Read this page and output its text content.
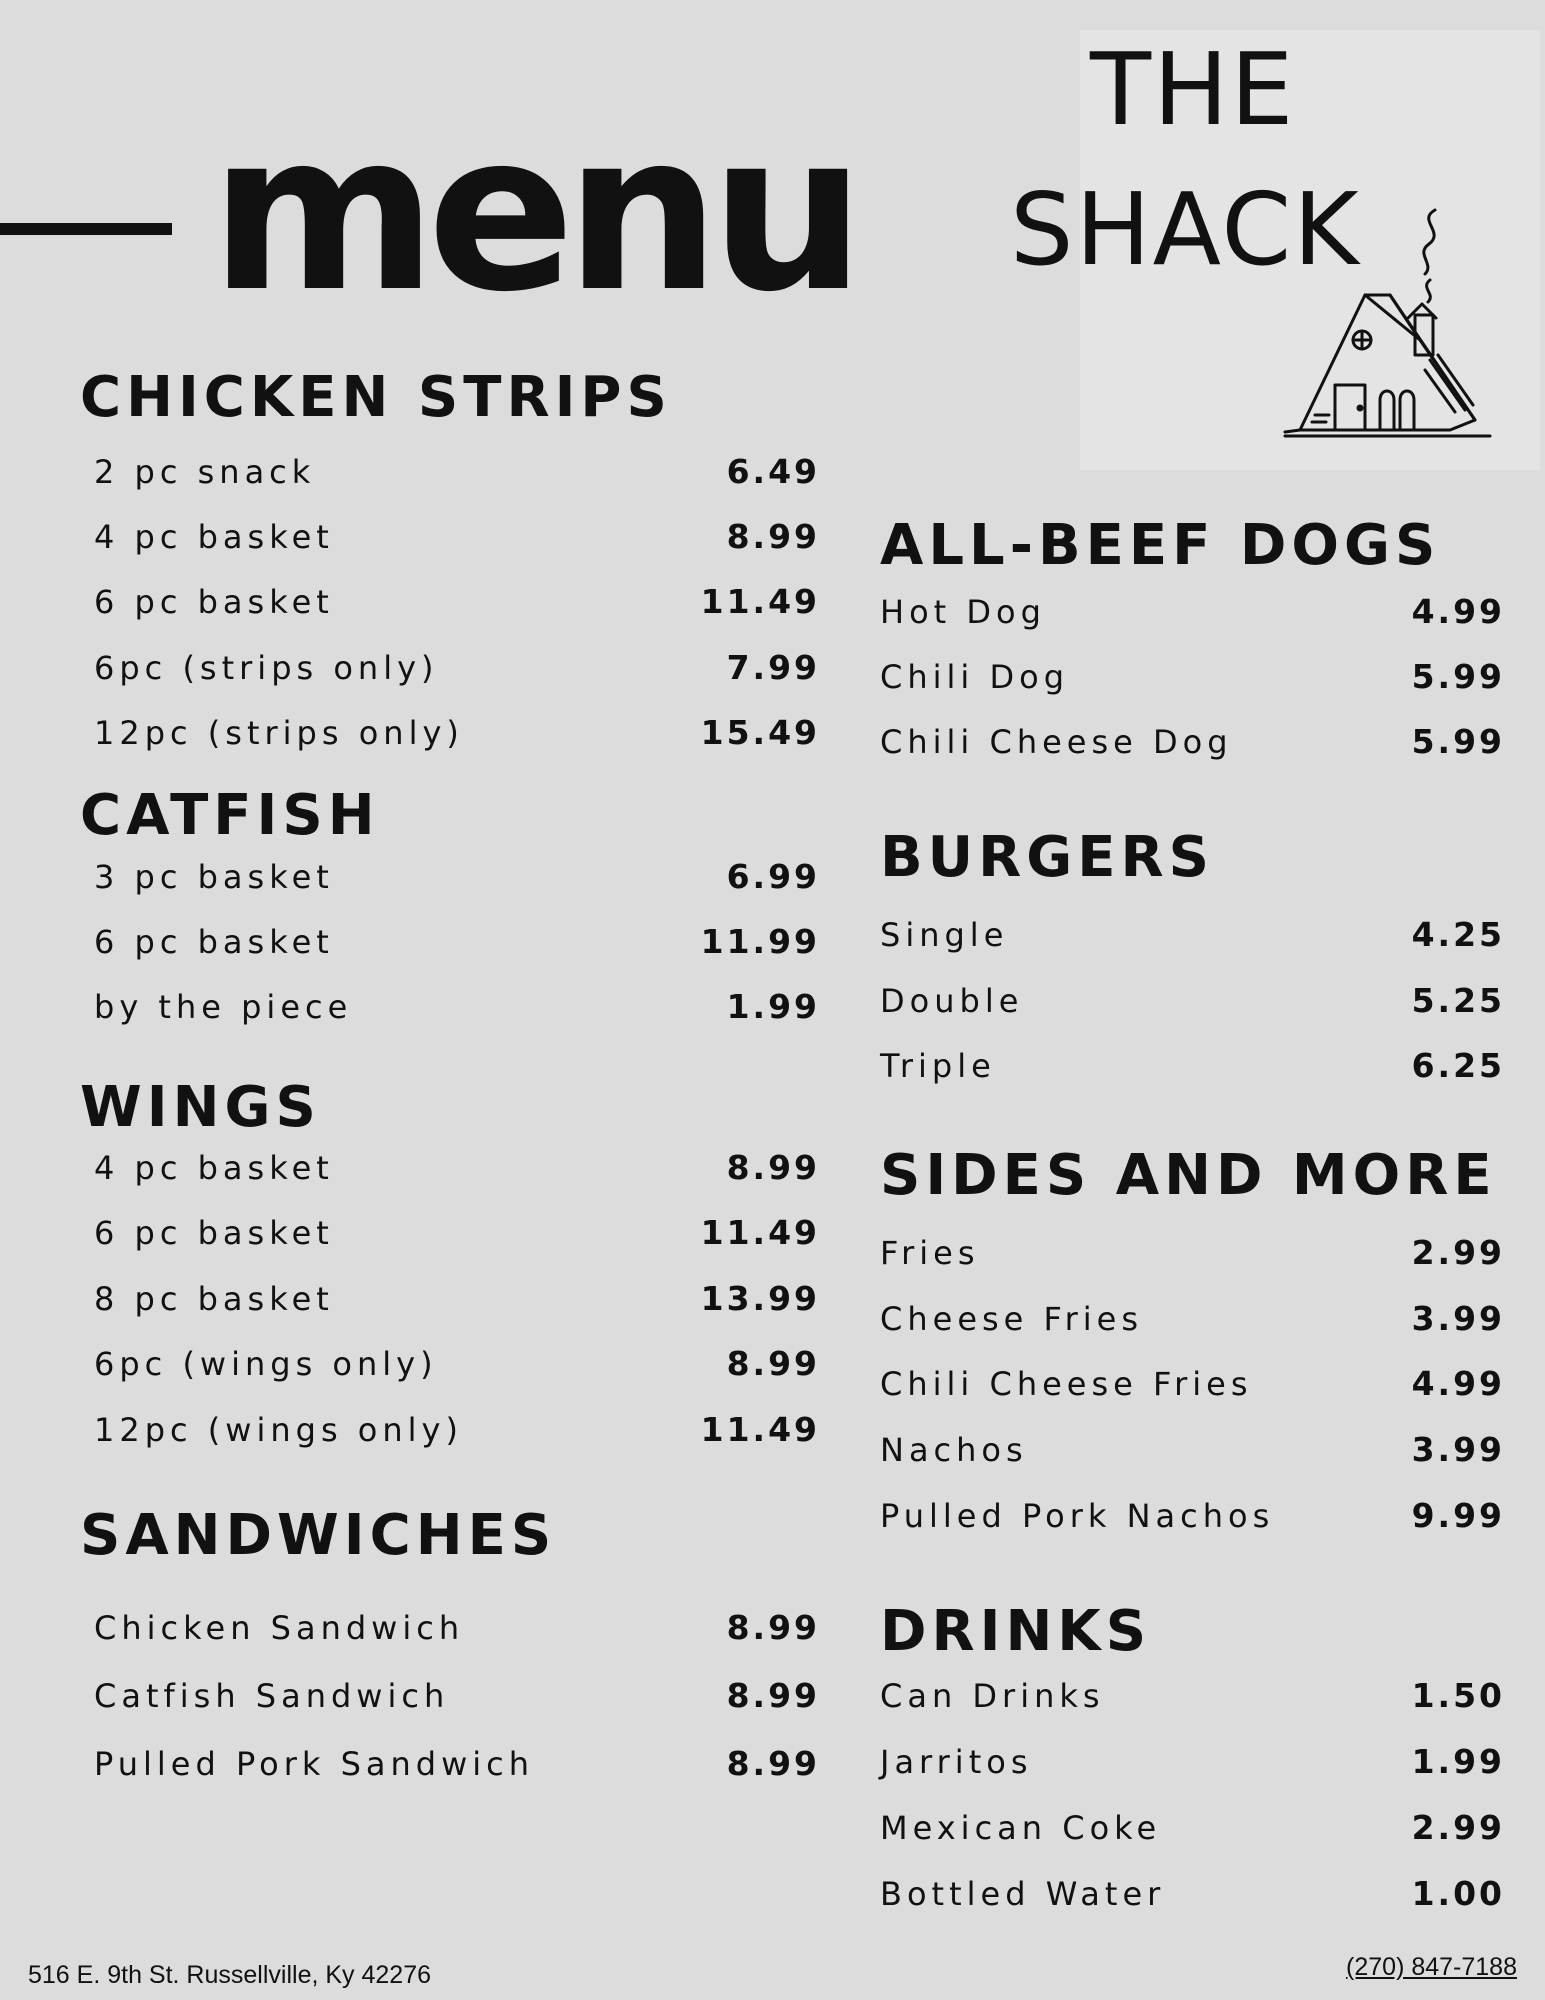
menu THE
SHACK
CHICKEN STRIPS
2 pc snack	6.49
4 pc basket	8.99
6 pc basket	11.49
6pc (strips only)	7.99
12pc (strips only)	15.49
CATFISH
3 pc basket	6.99
6 pc basket	11.99
by the piece	1.99
WINGS
4 pc basket	8.99
6 pc basket	11.49
8 pc basket	13.99
6pc (wings only)	8.99
12pc (wings only)	11.49
SANDWICHES
Chicken Sandwich	8.99
Catfish Sandwich	8.99
Pulled Pork Sandwich	8.99
ALL-BEEF DOGS
Hot Dog	4.99
Chili Dog	5.99
Chili Cheese Dog	5.99
BURGERS
Single	4.25
Double	5.25
Triple	6.25
SIDES AND MORE
Fries	2.99
Cheese Fries	3.99
Chili Cheese Fries	4.99
Nachos	3.99
Pulled Pork Nachos	9.99
DRINKS
Can Drinks	1.50
Jarritos	1.99
Mexican Coke	2.99
Bottled Water	1.00
516 E. 9th St. Russellville, Ky 42276	(270) 847-7188
